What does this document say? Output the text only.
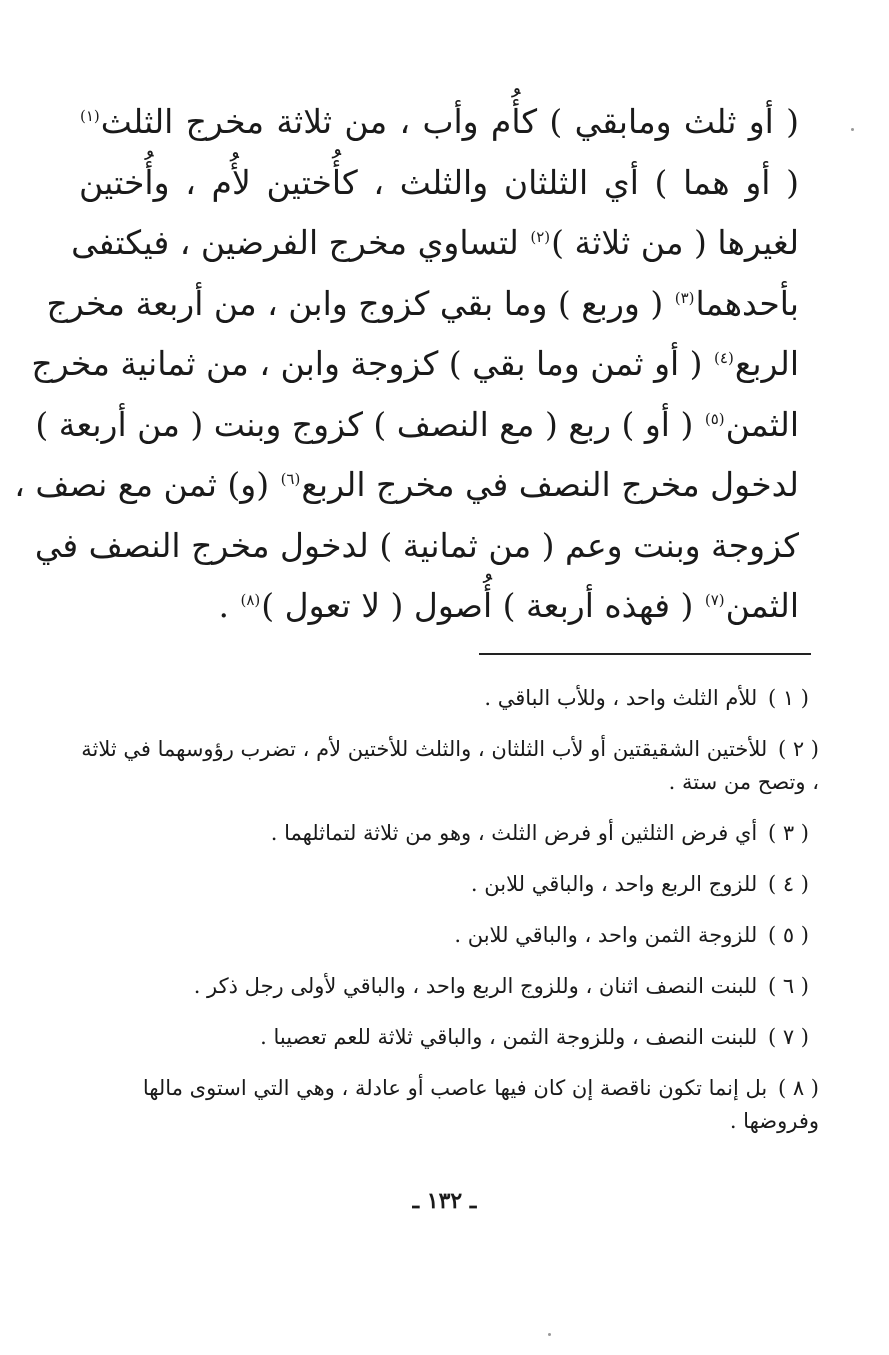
( أو ثلث ومابقي ) كأُم وأب ، من ثلاثة مخرج الثلث$^{(١)}$
( أو هما ) أي الثلثان والثلث ، كأُختين لأُم ، وأُختين
لغيرها ( من ثلاثة )$^{(٢)}$ لتساوي مخرج الفرضين ، فيكتفى
بأحدهما$^{(٣)}$ ( وربع ) وما بقي كزوج وابن ، من أربعة مخرج
الربع$^{(٤)}$ ( أو ثمن وما بقي ) كزوجة وابن ، من ثمانية مخرج
الثمن$^{(٥)}$ ( أو ) ربع ( مع النصف ) كزوج وبنت ( من أربعة )
لدخول مخرج النصف في مخرج الربع$^{(٦)}$ (و) ثمن مع نصف ،
كزوجة وبنت وعم ( من ثمانية ) لدخول مخرج النصف في
الثمن$^{(٧)}$ ( فهذه أربعة ) أُصول ( لا تعول )$^{(٨)}$ .
( ١ ) للأم الثلث واحد ، وللأب الباقي .
( ٢ ) للأختين الشقيقتين أو لأب الثلثان ، والثلث للأختين لأم ، تضرب رؤوسهما في ثلاثة ، وتصح من ستة .
( ٣ ) أي فرض الثلثين أو فرض الثلث ، وهو من ثلاثة لتماثلهما .
( ٤ ) للزوج الربع واحد ، والباقي للابن .
( ٥ ) للزوجة الثمن واحد ، والباقي للابن .
( ٦ ) للبنت النصف اثنان ، وللزوج الربع واحد ، والباقي لأولى رجل ذكر .
( ٧ ) للبنت النصف ، وللزوجة الثمن ، والباقي ثلاثة للعم تعصيبا .
( ٨ ) بل إنما تكون ناقصة إن كان فيها عاصب أو عادلة ، وهي التي استوى مالها وفروضها .
ـ ١٣٢ ـ
